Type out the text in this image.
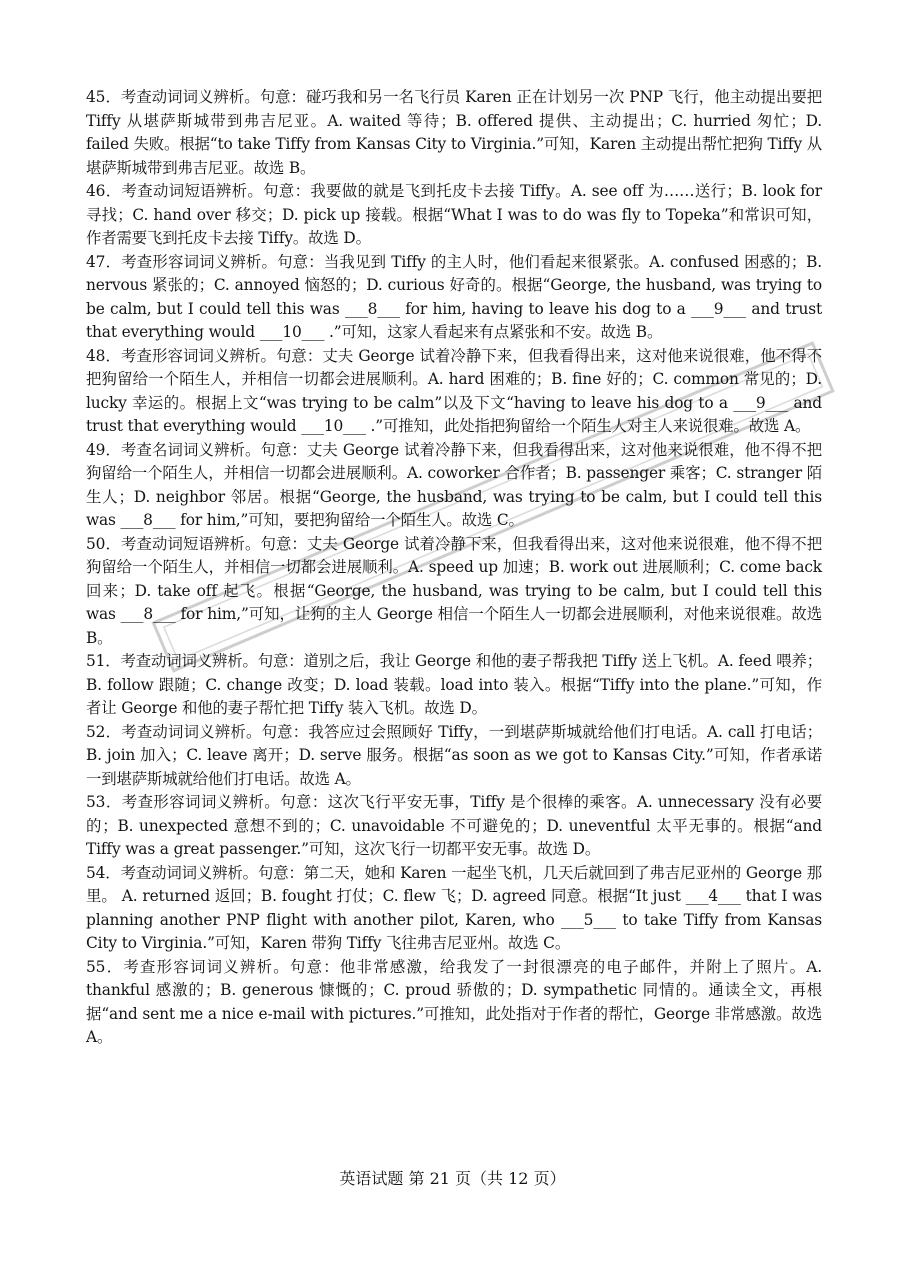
45．考查动词词义辨析。句意：碰巧我和另一名飞行员 Karen 正在计划另一次 PNP 飞行，他主动提出要把 Tiffy 从堪萨斯城带到弗吉尼亚。A. waited 等待；B. offered 提供、主动提出；C. hurried 匆忙；D. failed 失败。根据“to take Tiffy from Kansas City to Virginia.”可知，Karen 主动提出帮忙把狗 Tiffy 从堪萨斯城带到弗吉尼亚。故选 B。

46．考查动词短语辨析。句意：我要做的就是飞到托皮卡去接 Tiffy。A. see off 为……送行；B. look for 寻找；C. hand over 移交；D. pick up 接载。根据“What I was to do was fly to Topeka”和常识可知，作者需要飞到托皮卡去接 Tiffy。故选 D。

47．考查形容词词义辨析。句意：当我见到 Tiffy 的主人时，他们看起来很紧张。A. confused 困惑的；B. nervous 紧张的；C. annoyed 恼怒的；D. curious 好奇的。根据“George, the husband, was trying to be calm, but I could tell this was ___8___ for him, having to leave his dog to a ___9___ and trust that everything would ___10___ .”可知，这家人看起来有点紧张和不安。故选 B。

48．考查形容词词义辨析。句意：丈夫 George 试着冷静下来，但我看得出来，这对他来说很难，他不得不把狗留给一个陌生人，并相信一切都会进展顺利。A. hard 困难的；B. fine 好的；C. common 常见的；D. lucky 幸运的。根据上文“was trying to be calm”以及下文“having to leave his dog to a ___9___ and trust that everything would ___10___ .”可推知，此处指把狗留给一个陌生人对主人来说很难。故选 A。

49．考查名词词义辨析。句意：丈夫 George 试着冷静下来，但我看得出来，这对他来说很难，他不得不把狗留给一个陌生人，并相信一切都会进展顺利。A. coworker 合作者；B. passenger 乘客；C. stranger 陌生人；D. neighbor 邻居。根据“George, the husband, was trying to be calm, but I could tell this was ___8___ for him,”可知，要把狗留给一个陌生人。故选 C。

50．考查动词短语辨析。句意：丈夫 George 试着冷静下来，但我看得出来，这对他来说很难，他不得不把狗留给一个陌生人，并相信一切都会进展顺利。A. speed up 加速；B. work out 进展顺利；C. come back 回来；D. take off 起飞。根据“George, the husband, was trying to be calm, but I could tell this was ___8___ for him,”可知，让狗的主人 George 相信一个陌生人一切都会进展顺利，对他来说很难。故选 B。

51．考查动词词义辨析。句意：道别之后，我让 George 和他的妻子帮我把 Tiffy 送上飞机。A. feed 喂养；B. follow 跟随；C. change 改变；D. load 装载。load into 装入。根据“Tiffy into the plane.”可知，作者让 George 和他的妻子帮忙把 Tiffy 装入飞机。故选 D。

52．考查动词词义辨析。句意：我答应过会照顾好 Tiffy，一到堪萨斯城就给他们打电话。A. call 打电话；B. join 加入；C. leave 离开；D. serve 服务。根据“as soon as we got to Kansas City.”可知，作者承诺一到堪萨斯城就给他们打电话。故选 A。

53．考查形容词词义辨析。句意：这次飞行平安无事，Tiffy 是个很棒的乘客。A. unnecessary 没有必要的；B. unexpected 意想不到的；C. unavoidable 不可避免的；D. uneventful 太平无事的。根据“and Tiffy was a great passenger.”可知，这次飞行一切都平安无事。故选 D。

54．考查动词词义辨析。句意：第二天，她和 Karen 一起坐飞机，几天后就回到了弗吉尼亚州的 George 那里。 A. returned 返回；B. fought 打仗；C. flew 飞；D. agreed 同意。根据“It just ___4___ that I was planning another PNP flight with another pilot, Karen, who ___5___ to take Tiffy from Kansas City to Virginia.”可知，Karen 带狗 Tiffy 飞往弗吉尼亚州。故选 C。

55．考查形容词词义辨析。句意：他非常感激，给我发了一封很漂亮的电子邮件，并附上了照片。A. thankful 感激的；B. generous 慷慨的；C. proud 骄傲的；D. sympathetic 同情的。通读全文，再根据“and sent me a nice e-mail with pictures.”可推知，此处指对于作者的帮忙，George 非常感激。故选 A。

英语试题 第 21 页（共 12 页）
